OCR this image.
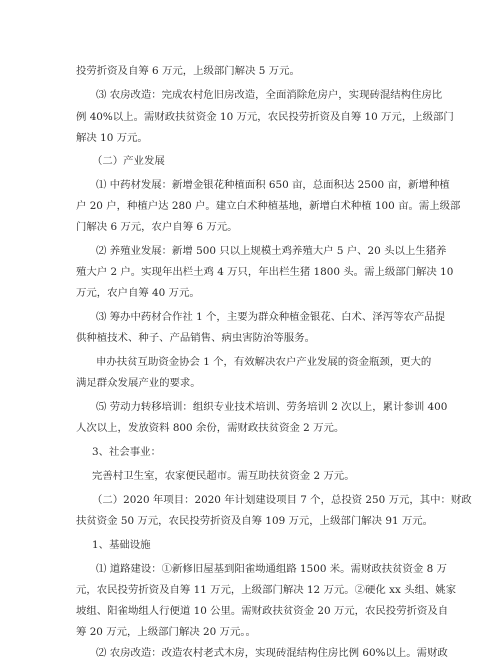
投劳折资及自筹 6 万元，上级部门解决 5 万元。
⑶ 农房改造：完成农村危旧房改造，全面消除危房户，实现砖混结构住房比
例 40%以上。需财政扶贫资金 10 万元，农民投劳折资及自筹 10 万元，上级部门
解决 10 万元。
（二）产业发展
⑴ 中药材发展：新增金银花种植面积 650 亩，总面积达 2500 亩，新增种植
户 20 户，种植户达 280 户。建立白术种植基地，新增白术种植 100 亩。需上级部
门解决 6 万元，农户自筹 6 万元。
⑵ 养殖业发展：新增 500 只以上规模土鸡养殖大户 5 户、20 头以上生猪养
殖大户 2 户。实现年出栏土鸡 4 万只，年出栏生猪 1800 头。需上级部门解决 10
万元，农户自筹 40 万元。
⑶ 筹办中药材合作社 1 个，主要为群众种植金银花、白术、泽泻等农产品提
供种植技术、种子、产品销售、病虫害防治等服务。
申办扶贫互助资金协会 1 个，有效解决农户产业发展的资金瓶颈，更大的
满足群众发展产业的要求。
⑸ 劳动力转移培训：组织专业技术培训、劳务培训 2 次以上，累计参训 400
人次以上，发放资料 800 余份，需财政扶贫资金 2 万元。
3、社会事业：
完善村卫生室，农家便民超市。需互助扶贫资金 2 万元。
（二）2020 年项目：2020 年计划建设项目 7 个，总投资 250 万元，其中：财政
扶贫资金 50 万元，农民投劳折资及自筹 109 万元，上级部门解决 91 万元。
1、基础设施
⑴ 道路建设：①新修旧屋基到阳雀坳通组路 1500 米。需财政扶贫资金 8 万
元，农民投劳折资及自筹 11 万元，上级部门解决 12 万元。②硬化 xx 头组、姚家
坡组、阳雀坳组人行便道 10 公里。需财政扶贫资金 20 万元，农民投劳折资及自
筹 20 万元，上级部门解决 20 万元。。
⑵ 农房改造：改造农村老式木房，实现砖混结构住房比例 60%以上。需财政
